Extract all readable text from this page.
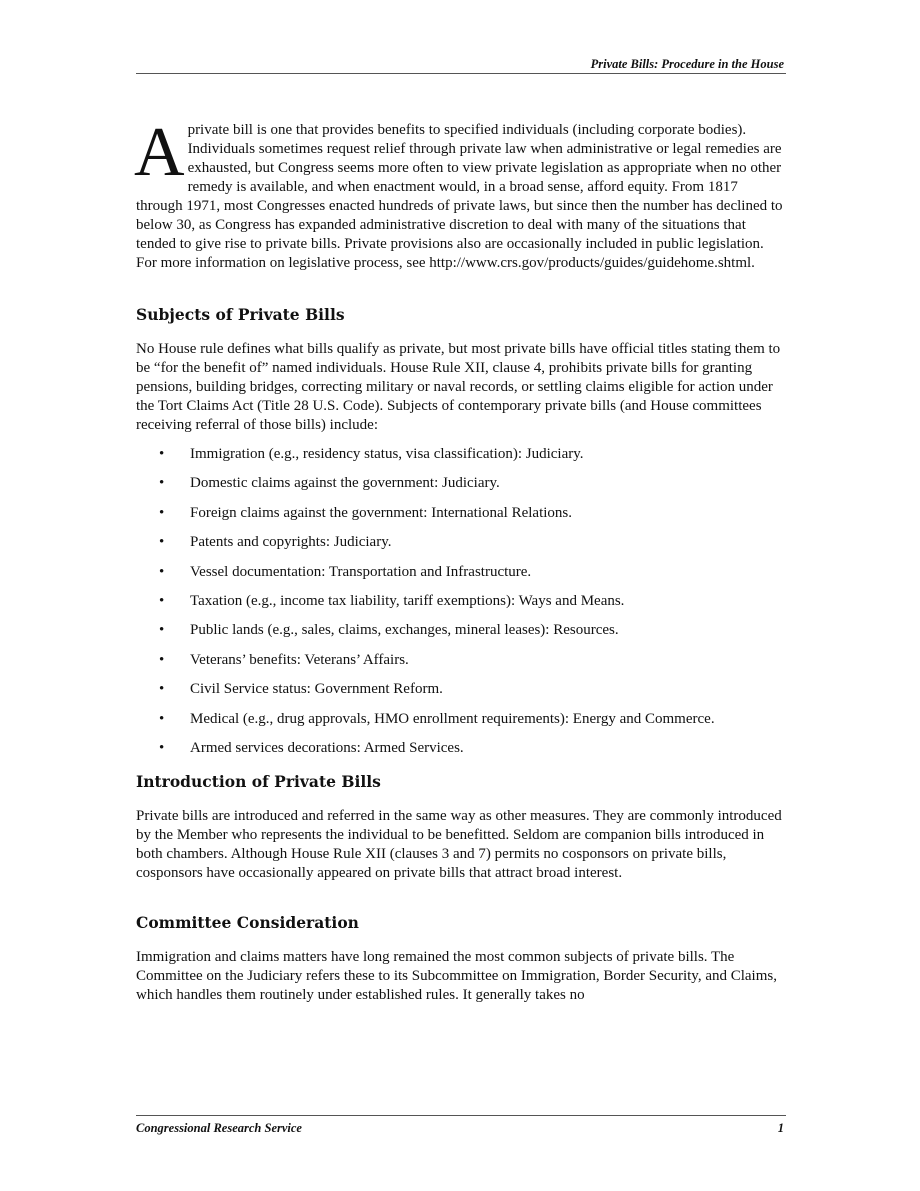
Private Bills: Procedure in the House

A private bill is one that provides benefits to specified individuals (including corporate bodies). Individuals sometimes request relief through private law when administrative or legal remedies are exhausted, but Congress seems more often to view private legislation as appropriate when no other remedy is available, and when enactment would, in a broad sense, afford equity. From 1817 through 1971, most Congresses enacted hundreds of private laws, but since then the number has declined to below 30, as Congress has expanded administrative discretion to deal with many of the situations that tended to give rise to private bills. Private provisions also are occasionally included in public legislation. For more information on legislative process, see http://www.crs.gov/products/guides/guidehome.shtml.

Subjects of Private Bills

No House rule defines what bills qualify as private, but most private bills have official titles stating them to be “for the benefit of” named individuals. House Rule XII, clause 4, prohibits private bills for granting pensions, building bridges, correcting military or naval records, or settling claims eligible for action under the Tort Claims Act (Title 28 U.S. Code). Subjects of contemporary private bills (and House committees receiving referral of those bills) include:

• Immigration (e.g., residency status, visa classification): Judiciary.
• Domestic claims against the government: Judiciary.
• Foreign claims against the government: International Relations.
• Patents and copyrights: Judiciary.
• Vessel documentation: Transportation and Infrastructure.
• Taxation (e.g., income tax liability, tariff exemptions): Ways and Means.
• Public lands (e.g., sales, claims, exchanges, mineral leases): Resources.
• Veterans’ benefits: Veterans’ Affairs.
• Civil Service status: Government Reform.
• Medical (e.g., drug approvals, HMO enrollment requirements): Energy and Commerce.
• Armed services decorations: Armed Services.
Introduction of Private Bills

Private bills are introduced and referred in the same way as other measures. They are commonly introduced by the Member who represents the individual to be benefitted. Seldom are companion bills introduced in both chambers. Although House Rule XII (clauses 3 and 7) permits no cosponsors on private bills, cosponsors have occasionally appeared on private bills that attract broad interest.

Committee Consideration

Immigration and claims matters have long remained the most common subjects of private bills. The Committee on the Judiciary refers these to its Subcommittee on Immigration, Border Security, and Claims, which handles them routinely under established rules. It generally takes no

Congressional Research Service	1
